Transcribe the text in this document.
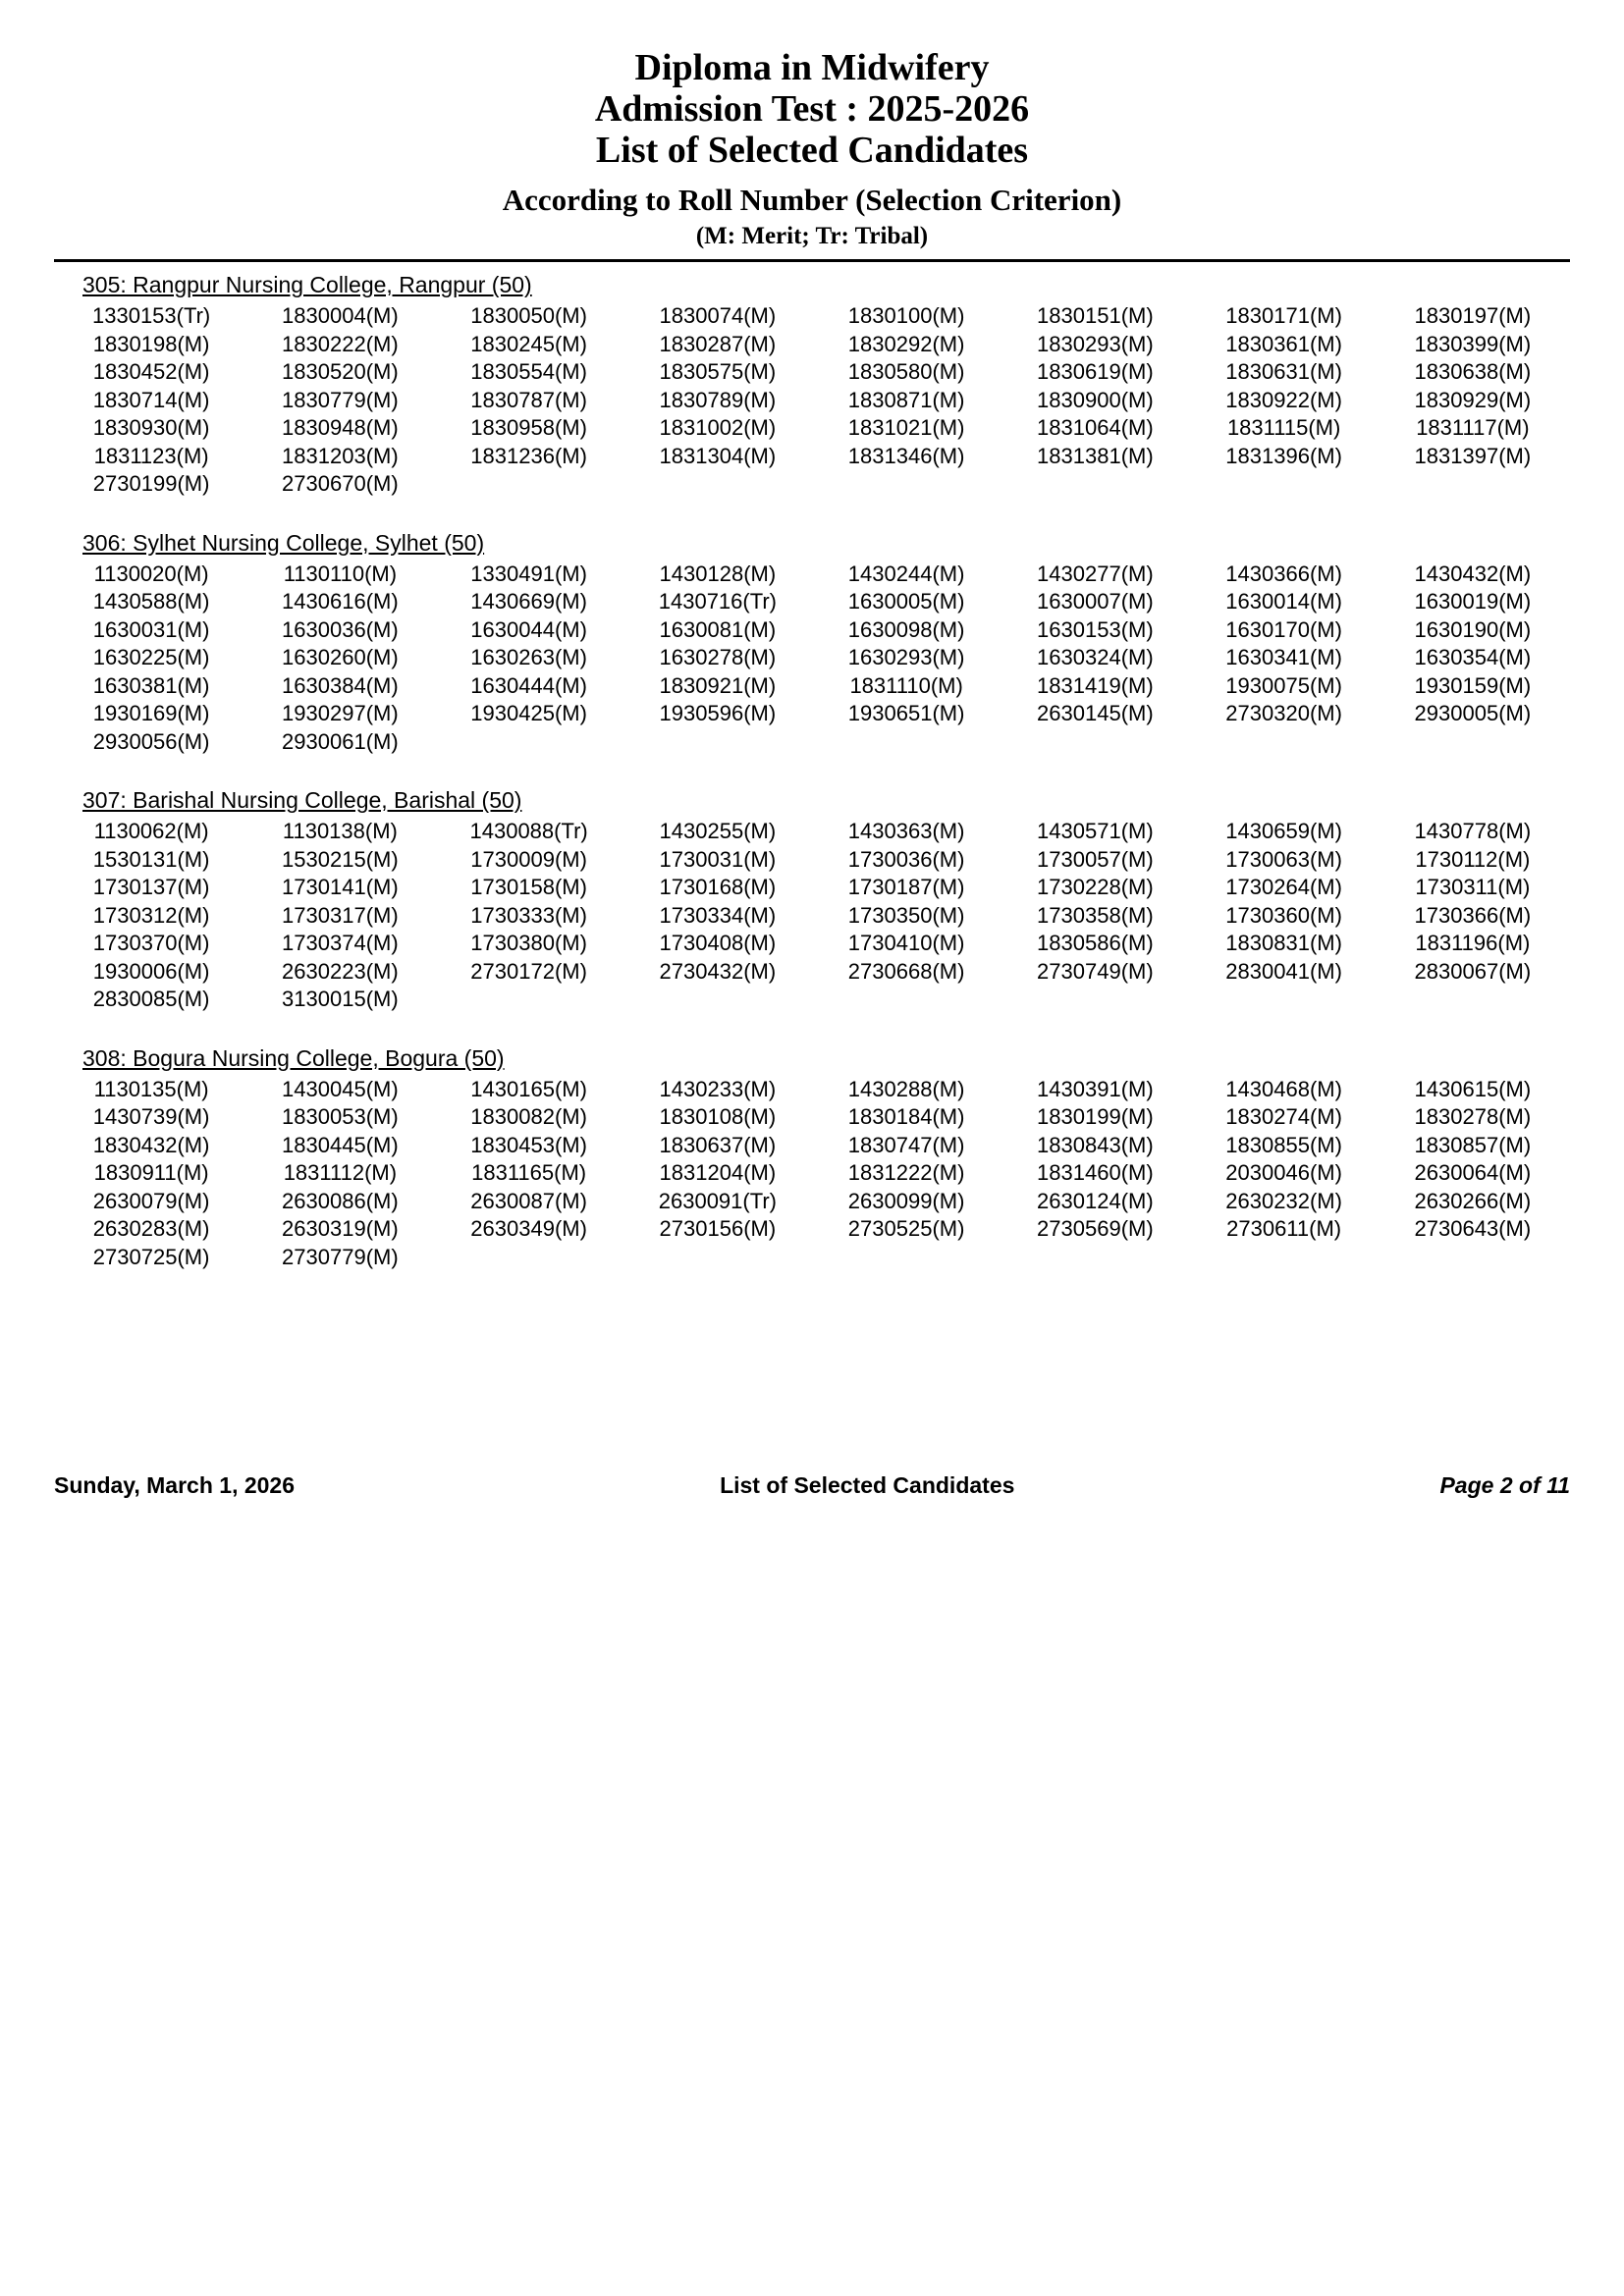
Diploma in Midwifery
Admission Test : 2025-2026
List of Selected Candidates
According to Roll Number (Selection Criterion)
(M: Merit; Tr: Tribal)
305: Rangpur Nursing College, Rangpur (50)
1330153(Tr)	1830004(M)	1830050(M)	1830074(M)	1830100(M)	1830151(M)	1830171(M)	1830197(M)
1830198(M)	1830222(M)	1830245(M)	1830287(M)	1830292(M)	1830293(M)	1830361(M)	1830399(M)
1830452(M)	1830520(M)	1830554(M)	1830575(M)	1830580(M)	1830619(M)	1830631(M)	1830638(M)
1830714(M)	1830779(M)	1830787(M)	1830789(M)	1830871(M)	1830900(M)	1830922(M)	1830929(M)
1830930(M)	1830948(M)	1830958(M)	1831002(M)	1831021(M)	1831064(M)	1831115(M)	1831117(M)
1831123(M)	1831203(M)	1831236(M)	1831304(M)	1831346(M)	1831381(M)	1831396(M)	1831397(M)
2730199(M)	2730670(M)
306: Sylhet Nursing College, Sylhet (50)
1130020(M)	1130110(M)	1330491(M)	1430128(M)	1430244(M)	1430277(M)	1430366(M)	1430432(M)
1430588(M)	1430616(M)	1430669(M)	1430716(Tr)	1630005(M)	1630007(M)	1630014(M)	1630019(M)
1630031(M)	1630036(M)	1630044(M)	1630081(M)	1630098(M)	1630153(M)	1630170(M)	1630190(M)
1630225(M)	1630260(M)	1630263(M)	1630278(M)	1630293(M)	1630324(M)	1630341(M)	1630354(M)
1630381(M)	1630384(M)	1630444(M)	1830921(M)	1831110(M)	1831419(M)	1930075(M)	1930159(M)
1930169(M)	1930297(M)	1930425(M)	1930596(M)	1930651(M)	2630145(M)	2730320(M)	2930005(M)
2930056(M)	2930061(M)
307: Barishal Nursing College, Barishal (50)
1130062(M)	1130138(M)	1430088(Tr)	1430255(M)	1430363(M)	1430571(M)	1430659(M)	1430778(M)
1530131(M)	1530215(M)	1730009(M)	1730031(M)	1730036(M)	1730057(M)	1730063(M)	1730112(M)
1730137(M)	1730141(M)	1730158(M)	1730168(M)	1730187(M)	1730228(M)	1730264(M)	1730311(M)
1730312(M)	1730317(M)	1730333(M)	1730334(M)	1730350(M)	1730358(M)	1730360(M)	1730366(M)
1730370(M)	1730374(M)	1730380(M)	1730408(M)	1730410(M)	1830586(M)	1830831(M)	1831196(M)
1930006(M)	2630223(M)	2730172(M)	2730432(M)	2730668(M)	2730749(M)	2830041(M)	2830067(M)
2830085(M)	3130015(M)
308: Bogura Nursing College, Bogura (50)
1130135(M)	1430045(M)	1430165(M)	1430233(M)	1430288(M)	1430391(M)	1430468(M)	1430615(M)
1430739(M)	1830053(M)	1830082(M)	1830108(M)	1830184(M)	1830199(M)	1830274(M)	1830278(M)
1830432(M)	1830445(M)	1830453(M)	1830637(M)	1830747(M)	1830843(M)	1830855(M)	1830857(M)
1830911(M)	1831112(M)	1831165(M)	1831204(M)	1831222(M)	1831460(M)	2030046(M)	2630064(M)
2630079(M)	2630086(M)	2630087(M)	2630091(Tr)	2630099(M)	2630124(M)	2630232(M)	2630266(M)
2630283(M)	2630319(M)	2630349(M)	2730156(M)	2730525(M)	2730569(M)	2730611(M)	2730643(M)
2730725(M)	2730779(M)
Sunday, March 1, 2026	List of Selected Candidates	Page 2 of 11
